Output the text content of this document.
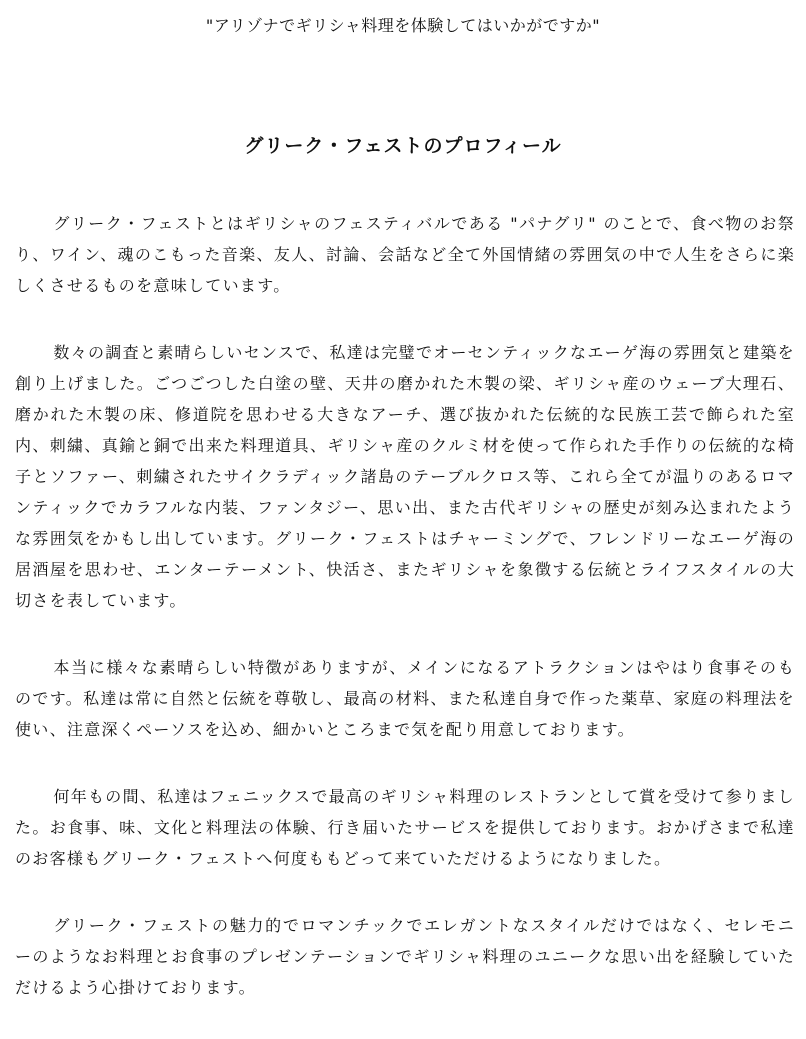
"アリゾナでギリシャ料理を体験してはいかがですか"
グリーク・フェストのプロフィール

グリーク・フェストとはギリシャのフェスティバルである "パナグリ" のことで、食べ物のお祭り、ワイン、魂のこもった音楽、友人、討論、会話など全て外国情緒の雰囲気の中で人生をさらに楽しくさせるものを意味しています。

数々の調査と素晴らしいセンスで、私達は完璧でオーセンティックなエーゲ海の雰囲気と建築を創り上げました。ごつごつした白塗の壁、天井の磨かれた木製の梁、ギリシャ産のウェーブ大理石、磨かれた木製の床、修道院を思わせる大きなアーチ、選び抜かれた伝統的な民族工芸で飾られた室内、刺繍、真鍮と銅で出来た料理道具、ギリシャ産のクルミ材を使って作られた手作りの伝統的な椅子とソファー、刺繍されたサイクラディック諸島のテーブルクロス等、これら全てが温りのあるロマンティックでカラフルな内装、ファンタジー、思い出、また古代ギリシャの歴史が刻み込まれたような雰囲気をかもし出しています。グリーク・フェストはチャーミングで、フレンドリーなエーゲ海の居酒屋を思わせ、エンターテーメント、快活さ、またギリシャを象徴する伝統とライフスタイルの大切さを表しています。

本当に様々な素晴らしい特徴がありますが、メインになるアトラクションはやはり食事そのものです。私達は常に自然と伝統を尊敬し、最高の材料、また私達自身で作った薬草、家庭の料理法を使い、注意深くペーソスを込め、細かいところまで気を配り用意しております。

何年もの間、私達はフェニックスで最高のギリシャ料理のレストランとして賞を受けて参りました。お食事、味、文化と料理法の体験、行き届いたサービスを提供しております。おかげさまで私達のお客様もグリーク・フェストへ何度ももどって来ていただけるようになりました。

グリーク・フェストの魅力的でロマンチックでエレガントなスタイルだけではなく、セレモニーのようなお料理とお食事のプレゼンテーションでギリシャ料理のユニークな思い出を経験していただけるよう心掛けております。
